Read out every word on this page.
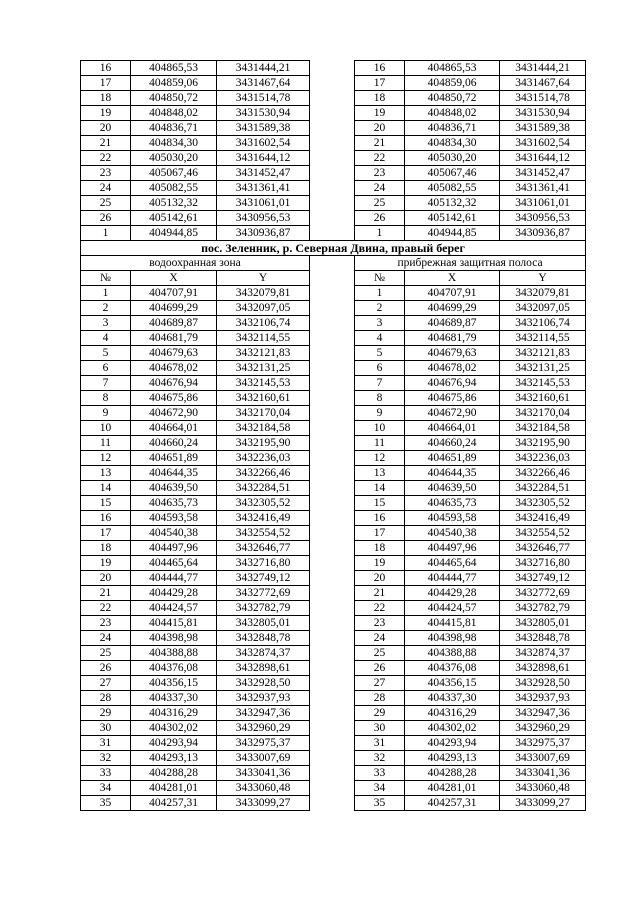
16	404865,53	3431444,21		16	404865,53	3431444,21
17	404859,06	3431467,64		17	404859,06	3431467,64
18	404850,72	3431514,78		18	404850,72	3431514,78
19	404848,02	3431530,94		19	404848,02	3431530,94
20	404836,71	3431589,38		20	404836,71	3431589,38
21	404834,30	3431602,54		21	404834,30	3431602,54
22	405030,20	3431644,12		22	405030,20	3431644,12
23	405067,46	3431452,47		23	405067,46	3431452,47
24	405082,55	3431361,41		24	405082,55	3431361,41
25	405132,32	3431061,01		25	405132,32	3431061,01
26	405142,61	3430956,53		26	405142,61	3430956,53
1	404944,85	3430936,87		1	404944,85	3430936,87
пос. Зеленник, р. Северная Двина, правый берег						
водоохранная зона				прибрежная защитная полоса		
№	X	Y		№	X	Y
1	404707,91	3432079,81		1	404707,91	3432079,81
2	404699,29	3432097,05		2	404699,29	3432097,05
3	404689,87	3432106,74		3	404689,87	3432106,74
4	404681,79	3432114,55		4	404681,79	3432114,55
5	404679,63	3432121,83		5	404679,63	3432121,83
6	404678,02	3432131,25		6	404678,02	3432131,25
7	404676,94	3432145,53		7	404676,94	3432145,53
8	404675,86	3432160,61		8	404675,86	3432160,61
9	404672,90	3432170,04		9	404672,90	3432170,04
10	404664,01	3432184,58		10	404664,01	3432184,58
11	404660,24	3432195,90		11	404660,24	3432195,90
12	404651,89	3432236,03		12	404651,89	3432236,03
13	404644,35	3432266,46		13	404644,35	3432266,46
14	404639,50	3432284,51		14	404639,50	3432284,51
15	404635,73	3432305,52		15	404635,73	3432305,52
16	404593,58	3432416,49		16	404593,58	3432416,49
17	404540,38	3432554,52		17	404540,38	3432554,52
18	404497,96	3432646,77		18	404497,96	3432646,77
19	404465,64	3432716,80		19	404465,64	3432716,80
20	404444,77	3432749,12		20	404444,77	3432749,12
21	404429,28	3432772,69		21	404429,28	3432772,69
22	404424,57	3432782,79		22	404424,57	3432782,79
23	404415,81	3432805,01		23	404415,81	3432805,01
24	404398,98	3432848,78		24	404398,98	3432848,78
25	404388,88	3432874,37		25	404388,88	3432874,37
26	404376,08	3432898,61		26	404376,08	3432898,61
27	404356,15	3432928,50		27	404356,15	3432928,50
28	404337,30	3432937,93		28	404337,30	3432937,93
29	404316,29	3432947,36		29	404316,29	3432947,36
30	404302,02	3432960,29		30	404302,02	3432960,29
31	404293,94	3432975,37		31	404293,94	3432975,37
32	404293,13	3433007,69		32	404293,13	3433007,69
33	404288,28	3433041,36		33	404288,28	3433041,36
34	404281,01	3433060,48		34	404281,01	3433060,48
35	404257,31	3433099,27		35	404257,31	3433099,27
